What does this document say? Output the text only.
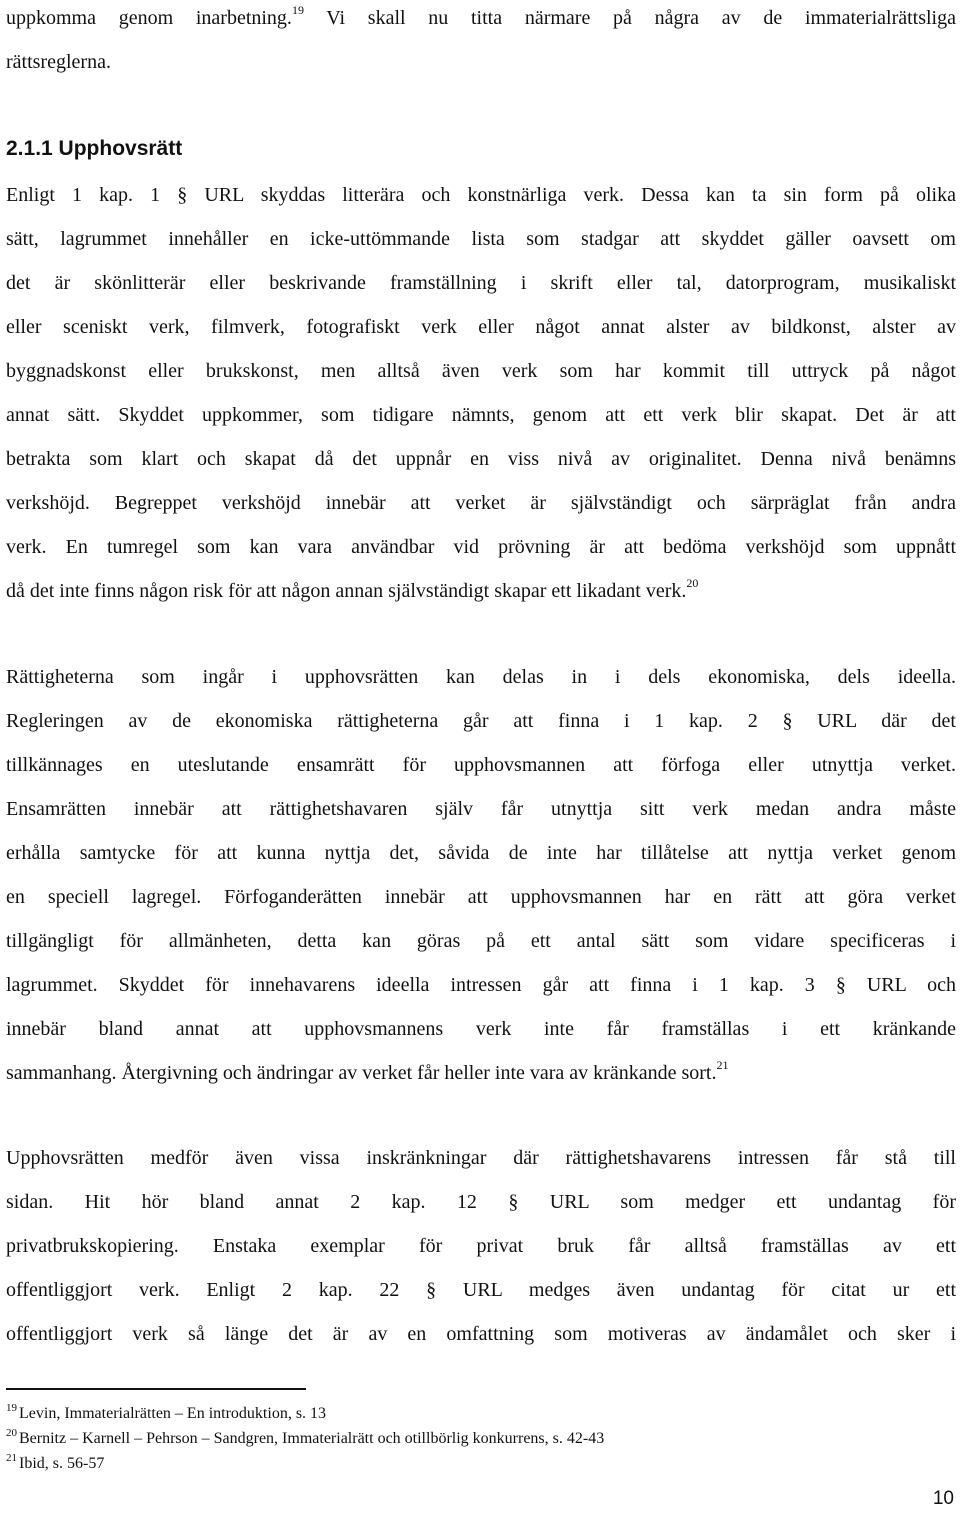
uppkomma genom inarbetning.$^{19}$ Vi skall nu titta närmare på några av de immaterialrättsliga
rättsreglerna.
2.1.1 Upphovsrätt
Enligt 1 kap. 1 § URL skyddas litterära och konstnärliga verk. Dessa kan ta sin form på olika
sätt, lagrummet innehåller en icke-uttömmande lista som stadgar att skyddet gäller oavsett om
det är skönlitterär eller beskrivande framställning i skrift eller tal, datorprogram, musikaliskt
eller sceniskt verk, filmverk, fotografiskt verk eller något annat alster av bildkonst, alster av
byggnadskonst eller brukskonst, men alltså även verk som har kommit till uttryck på något
annat sätt. Skyddet uppkommer, som tidigare nämnts, genom att ett verk blir skapat. Det är att
betrakta som klart och skapat då det uppnår en viss nivå av originalitet. Denna nivå benämns
verkshöjd. Begreppet verkshöjd innebär att verket är självständigt och särpräglat från andra
verk. En tumregel som kan vara användbar vid prövning är att bedöma verkshöjd som uppnått
då det inte finns någon risk för att någon annan självständigt skapar ett likadant verk.$^{20}$
Rättigheterna som ingår i upphovsrätten kan delas in i dels ekonomiska, dels ideella.
Regleringen av de ekonomiska rättigheterna går att finna i 1 kap. 2 § URL där det
tillkännages en uteslutande ensamrätt för upphovsmannen att förfoga eller utnyttja verket.
Ensamrätten innebär att rättighetshavaren själv får utnyttja sitt verk medan andra måste
erhålla samtycke för att kunna nyttja det, såvida de inte har tillåtelse att nyttja verket genom
en speciell lagregel. Förfoganderätten innebär att upphovsmannen har en rätt att göra verket
tillgängligt för allmänheten, detta kan göras på ett antal sätt som vidare specificeras i
lagrummet. Skyddet för innehavarens ideella intressen går att finna i 1 kap. 3 § URL och
innebär bland annat att upphovsmannens verk inte får framställas i ett kränkande
sammanhang. Återgivning och ändringar av verket får heller inte vara av kränkande sort.$^{21}$
Upphovsrätten medför även vissa inskränkningar där rättighetshavarens intressen får stå till
sidan. Hit hör bland annat 2 kap. 12 § URL som medger ett undantag för
privatbrukskopiering. Enstaka exemplar för privat bruk får alltså framställas av ett
offentliggjort verk. Enligt 2 kap. 22 § URL medges även undantag för citat ur ett
offentliggjort verk så länge det är av en omfattning som motiveras av ändamålet och sker i
$^{19}$ Levin, Immaterialrätten – En introduktion, s. 13
$^{20}$ Bernitz – Karnell – Pehrson – Sandgren, Immaterialrätt och otillbörlig konkurrens, s. 42-43
$^{21}$ Ibid, s. 56-57
10
